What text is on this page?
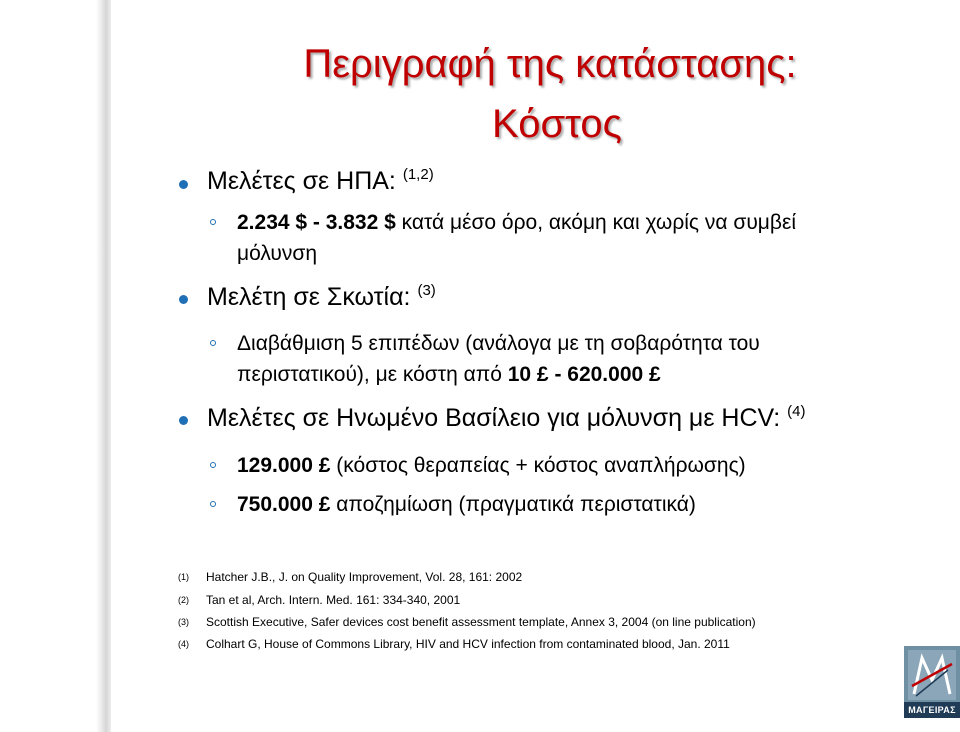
Περιγραφή της κατάστασης:
Κόστος
Μελέτες σε ΗΠΑ: $^{(1,2)}$
2.234 $ - 3.832 $ κατά μέσο όρο, ακόμη και χωρίς να συμβεί
μόλυνση
Μελέτη σε Σκωτία: $^{(3)}$
Διαβάθμιση 5 επιπέδων (ανάλογα με τη σοβαρότητα του
περιστατικού), με κόστη από 10 £ - 620.000 £
Μελέτες σε Ηνωμένο Βασίλειο για μόλυνση με HCV: $^{(4)}$
129.000 £ (κόστος θεραπείας + κόστος αναπλήρωσης)
750.000 £ αποζημίωση (πραγματικά περιστατικά)
(1) Hatcher J.B., J. on Quality Improvement, Vol. 28, 161: 2002
(2) Tan et al, Arch. Intern. Med. 161: 334-340, 2001
(3) Scottish Executive, Safer devices cost benefit assessment template, Annex 3, 2004 (on line publication)
(4) Colhart G, House of Commons Library, HIV and HCV infection from contaminated blood, Jan. 2011
ΜΑΓΕΙΡΑΣ
